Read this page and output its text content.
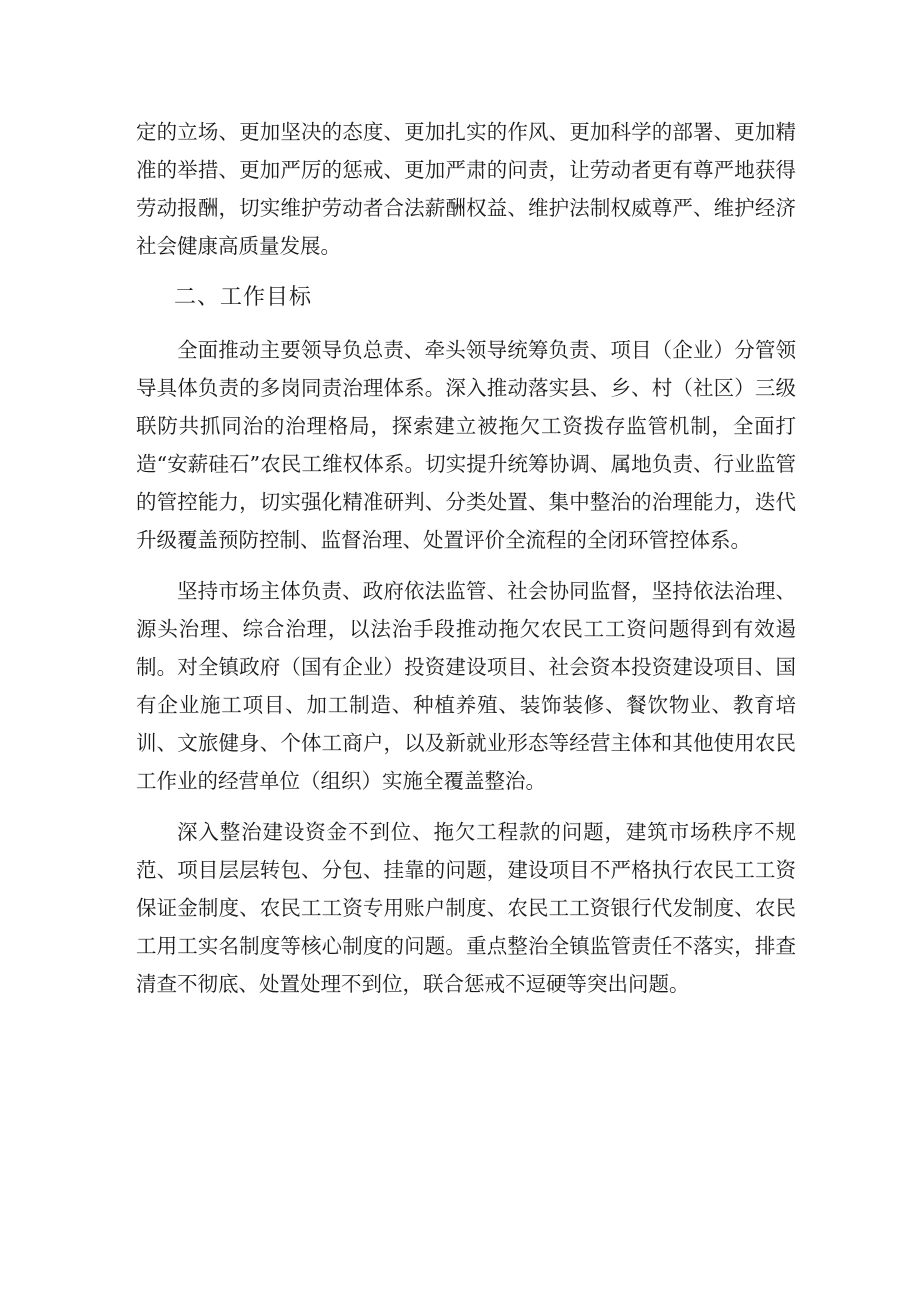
定的立场、更加坚决的态度、更加扎实的作风、更加科学的部署、更加精准的举措、更加严厉的惩戒、更加严肃的问责，让劳动者更有尊严地获得劳动报酬，切实维护劳动者合法薪酬权益、维护法制权威尊严、维护经济社会健康高质量发展。

二、工作目标

全面推动主要领导负总责、牵头领导统筹负责、项目（企业）分管领导具体负责的多岗同责治理体系。深入推动落实县、乡、村（社区）三级联防共抓同治的治理格局，探索建立被拖欠工资拨存监管机制，全面打造“安薪硅石”农民工维权体系。切实提升统筹协调、属地负责、行业监管的管控能力，切实强化精准研判、分类处置、集中整治的治理能力，迭代升级覆盖预防控制、监督治理、处置评价全流程的全闭环管控体系。

坚持市场主体负责、政府依法监管、社会协同监督，坚持依法治理、源头治理、综合治理，以法治手段推动拖欠农民工工资问题得到有效遏制。对全镇政府（国有企业）投资建设项目、社会资本投资建设项目、国有企业施工项目、加工制造、种植养殖、装饰装修、餐饮物业、教育培训、文旅健身、个体工商户，以及新就业形态等经营主体和其他使用农民工作业的经营单位（组织）实施全覆盖整治。

深入整治建设资金不到位、拖欠工程款的问题，建筑市场秩序不规范、项目层层转包、分包、挂靠的问题，建设项目不严格执行农民工工资保证金制度、农民工工资专用账户制度、农民工工资银行代发制度、农民工用工实名制度等核心制度的问题。重点整治全镇监管责任不落实，排查清查不彻底、处置处理不到位，联合惩戒不逗硬等突出问题。
